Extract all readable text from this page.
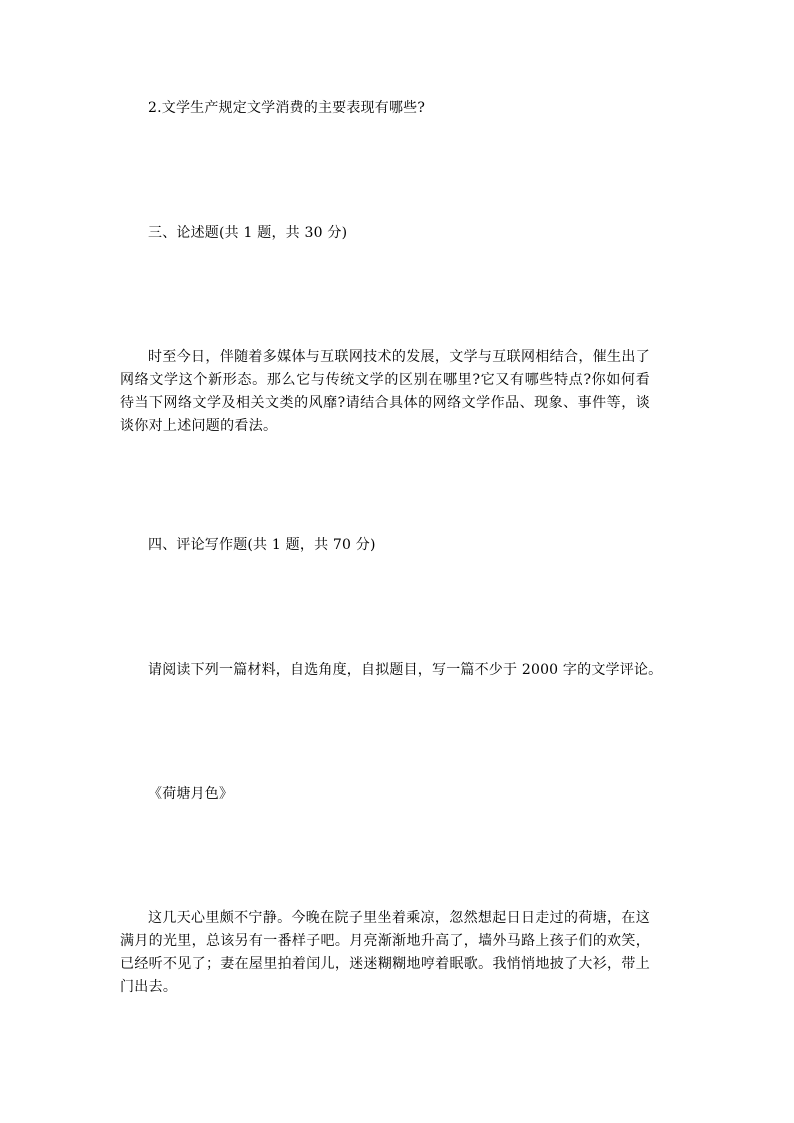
2.文学生产规定文学消费的主要表现有哪些?
三、论述题(共 1 题，共 30 分)
时至今日，伴随着多媒体与互联网技术的发展，文学与互联网相结合，催生出了网络文学这个新形态。那么它与传统文学的区别在哪里?它又有哪些特点?你如何看待当下网络文学及相关文类的风靡?请结合具体的网络文学作品、现象、事件等，谈谈你对上述问题的看法。
四、评论写作题(共 1 题，共 70 分)
请阅读下列一篇材料，自选角度，自拟题目，写一篇不少于 2000 字的文学评论。
《荷塘月色》
这几天心里颇不宁静。今晚在院子里坐着乘凉，忽然想起日日走过的荷塘，在这满月的光里，总该另有一番样子吧。月亮渐渐地升高了，墙外马路上孩子们的欢笑，已经听不见了；妻在屋里拍着闰儿，迷迷糊糊地哼着眠歌。我悄悄地披了大衫，带上门出去。
